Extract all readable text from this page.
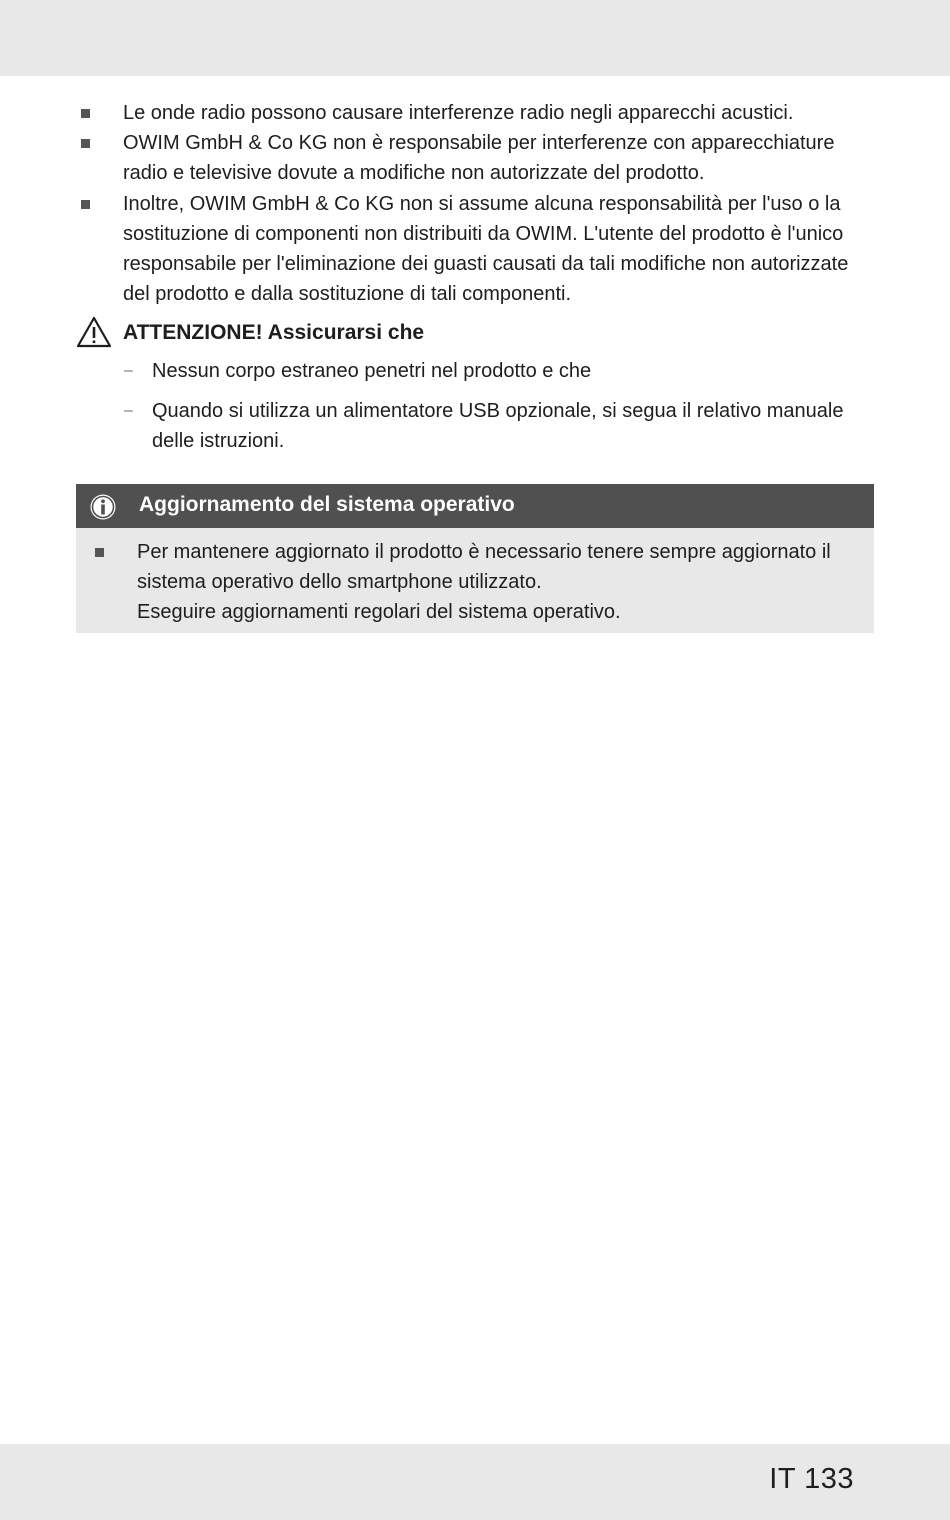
Le onde radio possono causare interferenze radio negli apparecchi acustici.
OWIM GmbH & Co KG non è responsabile per interferenze con apparecchiature radio e televisive dovute a modifiche non autorizzate del prodotto.
Inoltre, OWIM GmbH & Co KG non si assume alcuna responsabilità per l'uso o la sostituzione di componenti non distribuiti da OWIM. L'utente del prodotto è l'unico responsabile per l'eliminazione dei guasti causati da tali modifiche non autorizzate del prodotto e dalla sostituzione di tali componenti.
ATTENZIONE! Assicurarsi che
– Nessun corpo estraneo penetri nel prodotto e che
– Quando si utilizza un alimentatore USB opzionale, si segua il relativo manuale delle istruzioni.
Aggiornamento del sistema operativo
Per mantenere aggiornato il prodotto è necessario tenere sempre aggiornato il sistema operativo dello smartphone utilizzato.
Eseguire aggiornamenti regolari del sistema operativo.
IT 133
